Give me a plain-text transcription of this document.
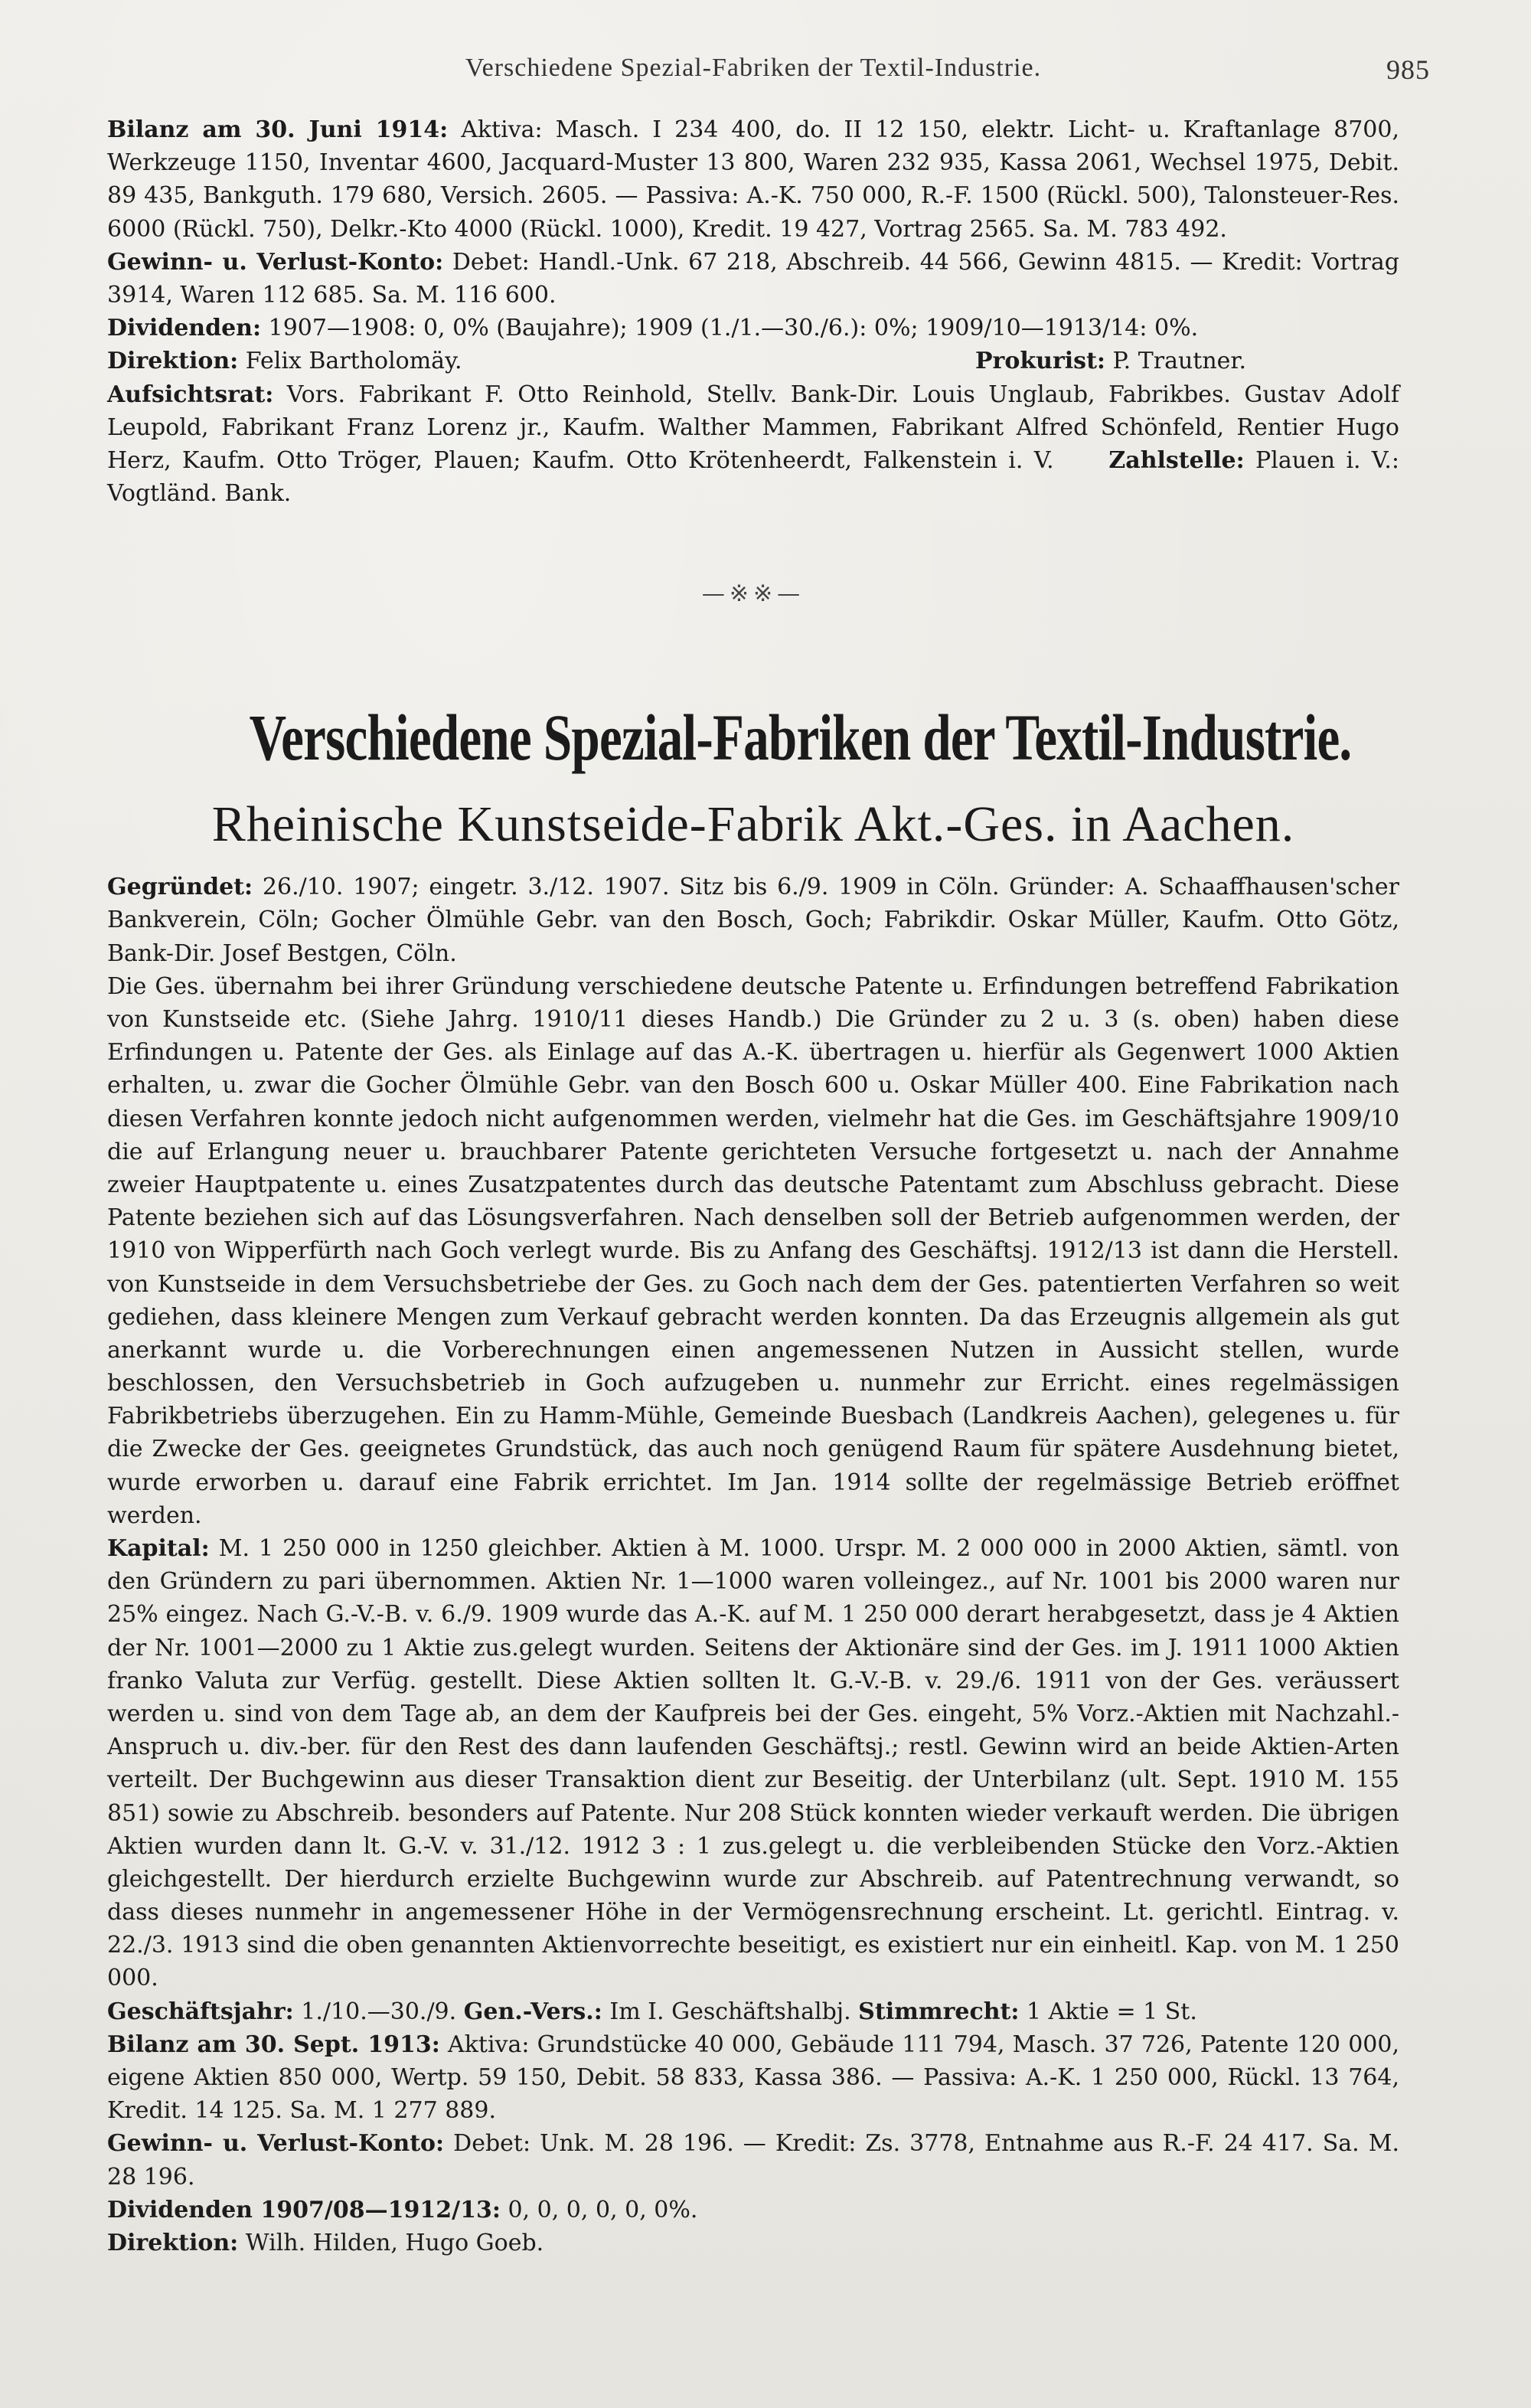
Verschiedene Spezial-Fabriken der Textil-Industrie.	985

Bilanz am 30. Juni 1914: Aktiva: Masch. I 234 400, do. II 12 150, elektr. Licht- u. Kraftanlage 8700, Werkzeuge 1150, Inventar 4600, Jacquard-Muster 13 800, Waren 232 935, Kassa 2061, Wechsel 1975, Debit. 89 435, Bankguth. 179 680, Versich. 2605. — Passiva: A.-K. 750 000, R.-F. 1500 (Rückl. 500), Talonsteuer-Res. 6000 (Rückl. 750), Delkr.-Kto 4000 (Rückl. 1000), Kredit. 19 427, Vortrag 2565. Sa. M. 783 492.

Gewinn- u. Verlust-Konto: Debet: Handl.-Unk. 67 218, Abschreib. 44 566, Gewinn 4815. — Kredit: Vortrag 3914, Waren 112 685. Sa. M. 116 600.

Dividenden: 1907—1908: 0, 0% (Baujahre); 1909 (1./1.—30./6.): 0%; 1909/10—1913/14: 0%.

Direktion: Felix Bartholomäy.	Prokurist: P. Trautner.

Aufsichtsrat: Vors. Fabrikant F. Otto Reinhold, Stellv. Bank-Dir. Louis Unglaub, Fabrikbes. Gustav Adolf Leupold, Fabrikant Franz Lorenz jr., Kaufm. Walther Mammen, Fabrikant Alfred Schönfeld, Rentier Hugo Herz, Kaufm. Otto Tröger, Plauen; Kaufm. Otto Krötenheerdt, Falkenstein i. V. Zahlstelle: Plauen i. V.: Vogtländ. Bank.

—※※—
Verschiedene Spezial-Fabriken der Textil-Industrie.
Rheinische Kunstseide-Fabrik Akt.-Ges. in Aachen.

Gegründet: 26./10. 1907; eingetr. 3./12. 1907. Sitz bis 6./9. 1909 in Cöln. Gründer: A. Schaaffhausen'scher Bankverein, Cöln; Gocher Ölmühle Gebr. van den Bosch, Goch; Fabrikdir. Oskar Müller, Kaufm. Otto Götz, Bank-Dir. Josef Bestgen, Cöln.

Die Ges. übernahm bei ihrer Gründung verschiedene deutsche Patente u. Erfindungen betreffend Fabrikation von Kunstseide etc. (Siehe Jahrg. 1910/11 dieses Handb.) Die Gründer zu 2 u. 3 (s. oben) haben diese Erfindungen u. Patente der Ges. als Einlage auf das A.-K. übertragen u. hierfür als Gegenwert 1000 Aktien erhalten, u. zwar die Gocher Ölmühle Gebr. van den Bosch 600 u. Oskar Müller 400. Eine Fabrikation nach diesen Verfahren konnte jedoch nicht aufgenommen werden, vielmehr hat die Ges. im Geschäftsjahre 1909/10 die auf Erlangung neuer u. brauchbarer Patente gerichteten Versuche fortgesetzt u. nach der Annahme zweier Hauptpatente u. eines Zusatzpatentes durch das deutsche Patentamt zum Abschluss gebracht. Diese Patente beziehen sich auf das Lösungsverfahren. Nach denselben soll der Betrieb aufgenommen werden, der 1910 von Wipperfürth nach Goch verlegt wurde. Bis zu Anfang des Geschäftsj. 1912/13 ist dann die Herstell. von Kunstseide in dem Versuchsbetriebe der Ges. zu Goch nach dem der Ges. patentierten Verfahren so weit gediehen, dass kleinere Mengen zum Verkauf gebracht werden konnten. Da das Erzeugnis allgemein als gut anerkannt wurde u. die Vorberechnungen einen angemessenen Nutzen in Aussicht stellen, wurde beschlossen, den Versuchsbetrieb in Goch aufzugeben u. nunmehr zur Erricht. eines regelmässigen Fabrikbetriebs überzugehen. Ein zu Hamm-Mühle, Gemeinde Buesbach (Landkreis Aachen), gelegenes u. für die Zwecke der Ges. geeignetes Grundstück, das auch noch genügend Raum für spätere Ausdehnung bietet, wurde erworben u. darauf eine Fabrik errichtet. Im Jan. 1914 sollte der regelmässige Betrieb eröffnet werden.

Kapital: M. 1 250 000 in 1250 gleichber. Aktien à M. 1000. Urspr. M. 2 000 000 in 2000 Aktien, sämtl. von den Gründern zu pari übernommen. Aktien Nr. 1—1000 waren volleingez., auf Nr. 1001 bis 2000 waren nur 25% eingez. Nach G.-V.-B. v. 6./9. 1909 wurde das A.-K. auf M. 1 250 000 derart herabgesetzt, dass je 4 Aktien der Nr. 1001—2000 zu 1 Aktie zus.gelegt wurden. Seitens der Aktionäre sind der Ges. im J. 1911 1000 Aktien franko Valuta zur Verfüg. gestellt. Diese Aktien sollten lt. G.-V.-B. v. 29./6. 1911 von der Ges. veräussert werden u. sind von dem Tage ab, an dem der Kaufpreis bei der Ges. eingeht, 5% Vorz.-Aktien mit Nachzahl.-Anspruch u. div.-ber. für den Rest des dann laufenden Geschäftsj.; restl. Gewinn wird an beide Aktien-Arten verteilt. Der Buchgewinn aus dieser Transaktion dient zur Beseitig. der Unterbilanz (ult. Sept. 1910 M. 155 851) sowie zu Abschreib. besonders auf Patente. Nur 208 Stück konnten wieder verkauft werden. Die übrigen Aktien wurden dann lt. G.-V. v. 31./12. 1912 3 : 1 zus.gelegt u. die verbleibenden Stücke den Vorz.-Aktien gleichgestellt. Der hierdurch erzielte Buchgewinn wurde zur Abschreib. auf Patentrechnung verwandt, so dass dieses nunmehr in angemessener Höhe in der Vermögensrechnung erscheint. Lt. gerichtl. Eintrag. v. 22./3. 1913 sind die oben genannten Aktienvorrechte beseitigt, es existiert nur ein einheitl. Kap. von M. 1 250 000.

Geschäftsjahr: 1./10.—30./9. Gen.-Vers.: Im I. Geschäftshalbj. Stimmrecht: 1 Aktie = 1 St.

Bilanz am 30. Sept. 1913: Aktiva: Grundstücke 40 000, Gebäude 111 794, Masch. 37 726, Patente 120 000, eigene Aktien 850 000, Wertp. 59 150, Debit. 58 833, Kassa 386. — Passiva: A.-K. 1 250 000, Rückl. 13 764, Kredit. 14 125. Sa. M. 1 277 889.

Gewinn- u. Verlust-Konto: Debet: Unk. M. 28 196. — Kredit: Zs. 3778, Entnahme aus R.-F. 24 417. Sa. M. 28 196.

Dividenden 1907/08—1912/13: 0, 0, 0, 0, 0, 0%.

Direktion: Wilh. Hilden, Hugo Goeb.
